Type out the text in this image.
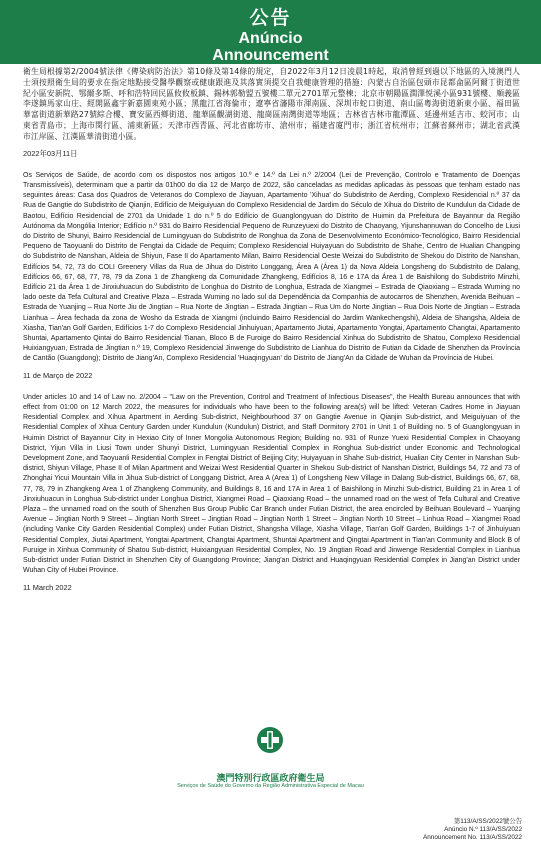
公告
Anúncio
Announcement

衛生局根據第2/2004號法律《傳染病防治法》第10條及第14條的規定，自2022年3月12日凌晨1時起，取消曾經到過以下地區的入境澳門人士須按照衛生局的要求在指定地點接受醫學觀察或健康跟進及其落實須提交自我健康管理的措施：內蒙古自治區包頭市昆都侖區阿爾丁街道世紀小區安新院、鄂爾多斯、呼和浩特回民區攸攸板鎮、錫林郭勒盟五號樓二單元2701單元整棟；北京市朝陽區潤澤悦溪小區931號樓、順義區李遂鎮馬家山庄、經開區鑫宇新嘉園東苑小區；黑龍江省海倫市；遼寧省瀋陽市渾南區、深圳市蛇口街道、南山區粵海街道新東小區、福田區華富街道新華路27號綜合樓、寶安區西鄉街道、龍華區觀湖街道、龍崗區南灣街道等地區；吉林省吉林市龍潭區、延邊州延吉市、蛟河市；山東省青島市；上海市閔行區、浦東新區；天津市西青區、河北省廊坊市、滄州市；福建省廈門市；浙江省杭州市；江蘇省蘇州市；湖北省武漢市江岸區、江漢區華清街道小區。

2022年03月11日

Os Serviços de Saúde, de acordo com os dispostos nos artigos 10.º e 14.º da Lei n.º 2/2004 (Lei de Prevenção, Controlo e Tratamento de Doenças Transmissíveis), determinam que a partir da 01h00 do dia 12 de Março de 2022, são canceladas as medidas aplicadas às pessoas que tenham estado nas seguintes áreas: Casa dos Quadros de Veteranos do Complexo de Jiayuan, Apartamento 'Xihua' do Subdistrito de Aerding, Complexo Residencial n.º 37 da Rua de Gangtie do Subdistrito de Qianjin, Edifício de Meiguiyuan do Complexo Residencial de Jardim do Século de Xihua do Distrito de Kundulun da Cidade de Baotou, Edifício Residencial de 2701 da Unidade 1 do n.º 5 do Edifício de Guanglongyuan do Distrito de Huimin da Prefeitura de Bayannur da Região Autónoma da Mongólia Interior; Edifício n.º 931 do Bairro Residencial Pequeno de Runzeyuexi do Distrito de Chaoyang, Yijunshannuwan do Concelho de Liusi do Distrito de Shunyi, Bairro Residencial de Lumingyuan do Subdistrito de Ronghua da Zona de Desenvolvimento Económico-Tecnológico, Bairro Residencial Pequeno de Taoyuanli do Distrito de Fengtai da Cidade de Pequim; Complexo Residencial Huiyayuan do Subdistrito de Shahe, Centro de Hualian Changping do Subdistrito de Nanshan, Aldeia de Shiyun, Fase II do Apartamento Milan, Bairro Residencial Oeste Weizai do Subdistrito de Shekou do Distrito de Nanshan, Edifícios 54, 72, 73 do COLI Greenery Villas da Rua de Jihua do Distrito Longgang, Área A (Área 1) da Nova Aldeia Longsheng do Subdistrito de Dalang, Edifícios 66, 67, 68, 77, 78, 79 da Zona 1 de Zhangkeng da Comunidade Zhangkeng, Edifícios 8, 16 e 17A da Área 1 de Baishilong do Subdistrito Minzhi, Edifício 21 da Área 1 de Jinxiuhuacun do Subdistrito de Longhua do Distrito de Longhua, Estrada de Xiangmei – Estrada de Qiaoxiang – Estrada Wuming no lado oeste da Tefa Cultural and Creative Plaza – Estrada Wuming no lado sul da Dependência da Companhia de autocarros de Shenzhen, Avenida Beihuan – Estrada de Yuanjing – Rua Norte Jiu de Jingtian – Rua Norte de Jingtian – Estrada Jingtian – Rua Um do Norte Jingtian – Rua Dois Norte de Jingtian – Estrada Lianhua – Área fechada da zona de Wosho da Estrada de Xiangmi (incluindo Bairro Residencial do Jardim Wankechengshi), Aldeia de Shangsha, Aldeia de Xiasha, Tian'an Golf Garden, Edifícios 1-7 do Complexo Residencial Jinhuiyuan, Apartamento Jiutai, Apartamento Yongtai, Apartamento Changtai, Apartamento Shuntai, Apartamento Qintai do Bairro Residencial Tianan, Bloco B de Furoige do Bairro Residencial Xinhua do Subdistrito de Shatou, Complexo Residencial Huixiangyuan, Estrada de Jingtian n.º 19, Complexo Residencial Jinwenge do Subdistrito de Lianhua do Distrito de Futian da Cidade de Shenzhen da Província de Cantão (Guangdong); Distrito de Jiang'An, Complexo Residencial 'Huaqingyuan' do Distrito de Jiang'An da Cidade de Wuhan da Província de Hubei.

11 de Março de 2022

Under articles 10 and 14 of Law no. 2/2004 – "Law on the Prevention, Control and Treatment of Infectious Diseases", the Health Bureau announces that with effect from 01:00 on 12 March 2022, the measures for individuals who have been to the following area(s) will be lifted: Veteran Cadres Home in Jiayuan Residential Complex and Xihua Apartment in Aerding Sub-district, Neighbourhood 37 on Gangtie Avenue in Qianjin Sub-district, and Meiguiyuan of the Residential Complex of Xihua Century Garden under Kundulun (Kundulun) District, and Staff Dormitory 2701 in Unit 1 of Building no. 5 of Guanglongyuan in Huimin District of Bayannur City in Hexiao City of Inner Mongolia Autonomous Region; Building no. 931 of Runze Yuexi Residential Complex in Chaoyang District, Yijun Villa in Liusi Town under Shunyi District, Lumingyuan Residential Complex in Ronghua Sub-district under Economic and Technological Development Zone, and Taoyuanli Residential Complex in Fengtai District of Beijing City; Huiyayuan in Shahe Sub-district, Hualian City Center in Nanshan Sub-district, Shiyun Village, Phase II of Milan Apartment and Weizai West Residential Quarter in Shekou Sub-district of Nanshan District, Buildings 54, 72 and 73 of Zhonghai Yicui Mountain Villa in Jihua Sub-district of Longgang District, Area A (Area 1) of Longsheng New Village in Dalang Sub-district, Buildings 66, 67, 68, 77, 78, 79 in Zhangkeng Area 1 of Zhangkeng Community, and Buildings 8, 16 and 17A in Area 1 of Baishilong in Minzhi Sub-district, Building 21 in Area 1 of Jinxiuhuacun in Longhua Sub-district under Longhua District, Xiangmei Road – Qiaoxiang Road – the unnamed road on the west of Tefa Cultural and Creative Plaza – the unnamed road on the south of Shenzhen Bus Group Public Car Branch under Futian District, the area encircled by Beihuan Boulevard – Yuanjing Avenue – Jingtian North 9 Street – Jingtian North Street – Jingtian Road – Jingtian North 1 Street – Jingtian North 10 Street – Linhua Road – Xiangmei Road (including Vanke City Garden Residential Complex) under Futian District, Shangsha Village, Xiasha Village, Tian'an Golf Garden, Buildings 1-7 of Jinhuiyuan Residential Complex, Jiutai Apartment, Yongtai Apartment, Changtai Apartment, Shuntai Apartment and Qingtai Apartment in Tian'an Community and Block B of Furuige in Xinhua Community of Shatou Sub-district, Huixiangyuan Residential Complex, No. 19 Jingtian Road and Jinwenge Residential Complex in Lianhua Sub-district under Futian District in Shenzhen City of Guangdong Province; Jiang'an District and Huaqingyuan Residential Complex in Jiang'an District under Wuhan City of Hubei Province.

11 March 2022

澳門特別行政區政府衛生局
Serviços de Saúde do Governo da Região Administrativa Especial de Macau
第113/A/SS/2022號公告
Anúncio N.º 113/A/SS/2022
Announcement No. 113/A/SS/2022
